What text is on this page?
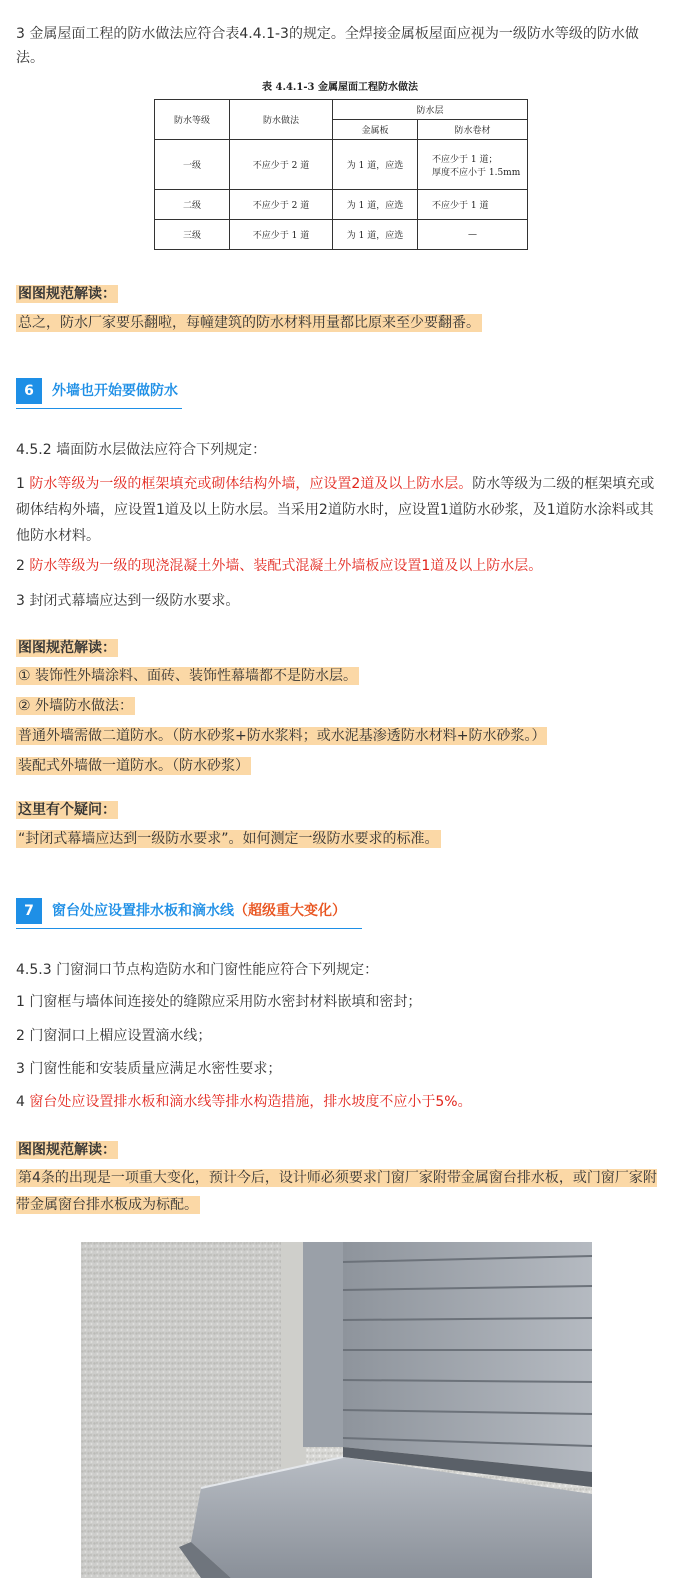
3 金属屋面工程的防水做法应符合表4.4.1-3的规定。全焊接金属板屋面应视为一级防水等级的防水做法。

表 4.4.1-3 金属屋面工程防水做法
防水等级	防水做法	防水层	
		金属板	防水卷材
一级	不应少于 2 道	为 1 道，应选	不应少于 1 道；
厚度不应小于 1.5mm

二级	不应少于 2 道	为 1 道，应选	不应少于 1 道
三级	不应少于 1 道	为 1 道，应选	—
图图规范解读：
总之，防水厂家要乐翻啦，每幢建筑的防水材料用量都比原来至少要翻番。
6	外墙也开始要做防水

4.5.2 墙面防水层做法应符合下列规定：

1 防水等级为一级的框架填充或砌体结构外墙，应设置2道及以上防水层。防水等级为二级的框架填充或砌体结构外墙，应设置1道及以上防水层。当采用2道防水时，应设置1道防水砂浆，及1道防水涂料或其他防水材料。

2 防水等级为一级的现浇混凝土外墙、装配式混凝土外墙板应设置1道及以上防水层。

3 封闭式幕墙应达到一级防水要求。

图图规范解读：
① 装饰性外墙涂料、面砖、装饰性幕墙都不是防水层。
② 外墙防水做法：
普通外墙需做二道防水。（防水砂浆+防水浆料；或水泥基渗透防水材料+防水砂浆。）
装配式外墙做一道防水。（防水砂浆）
这里有个疑问：
“封闭式幕墙应达到一级防水要求”。如何测定一级防水要求的标准。
7	窗台处应设置排水板和滴水线（超级重大变化）

4.5.3 门窗洞口节点构造防水和门窗性能应符合下列规定：

1 门窗框与墙体间连接处的缝隙应采用防水密封材料嵌填和密封；

2 门窗洞口上楣应设置滴水线；

3 门窗性能和安装质量应满足水密性要求；

4 窗台处应设置排水板和滴水线等排水构造措施，排水坡度不应小于5%。

图图规范解读：
第4条的出现是一项重大变化，预计今后，设计师必须要求门窗厂家附带金属窗台排水板，或门窗厂家附带金属窗台排水板成为标配。
